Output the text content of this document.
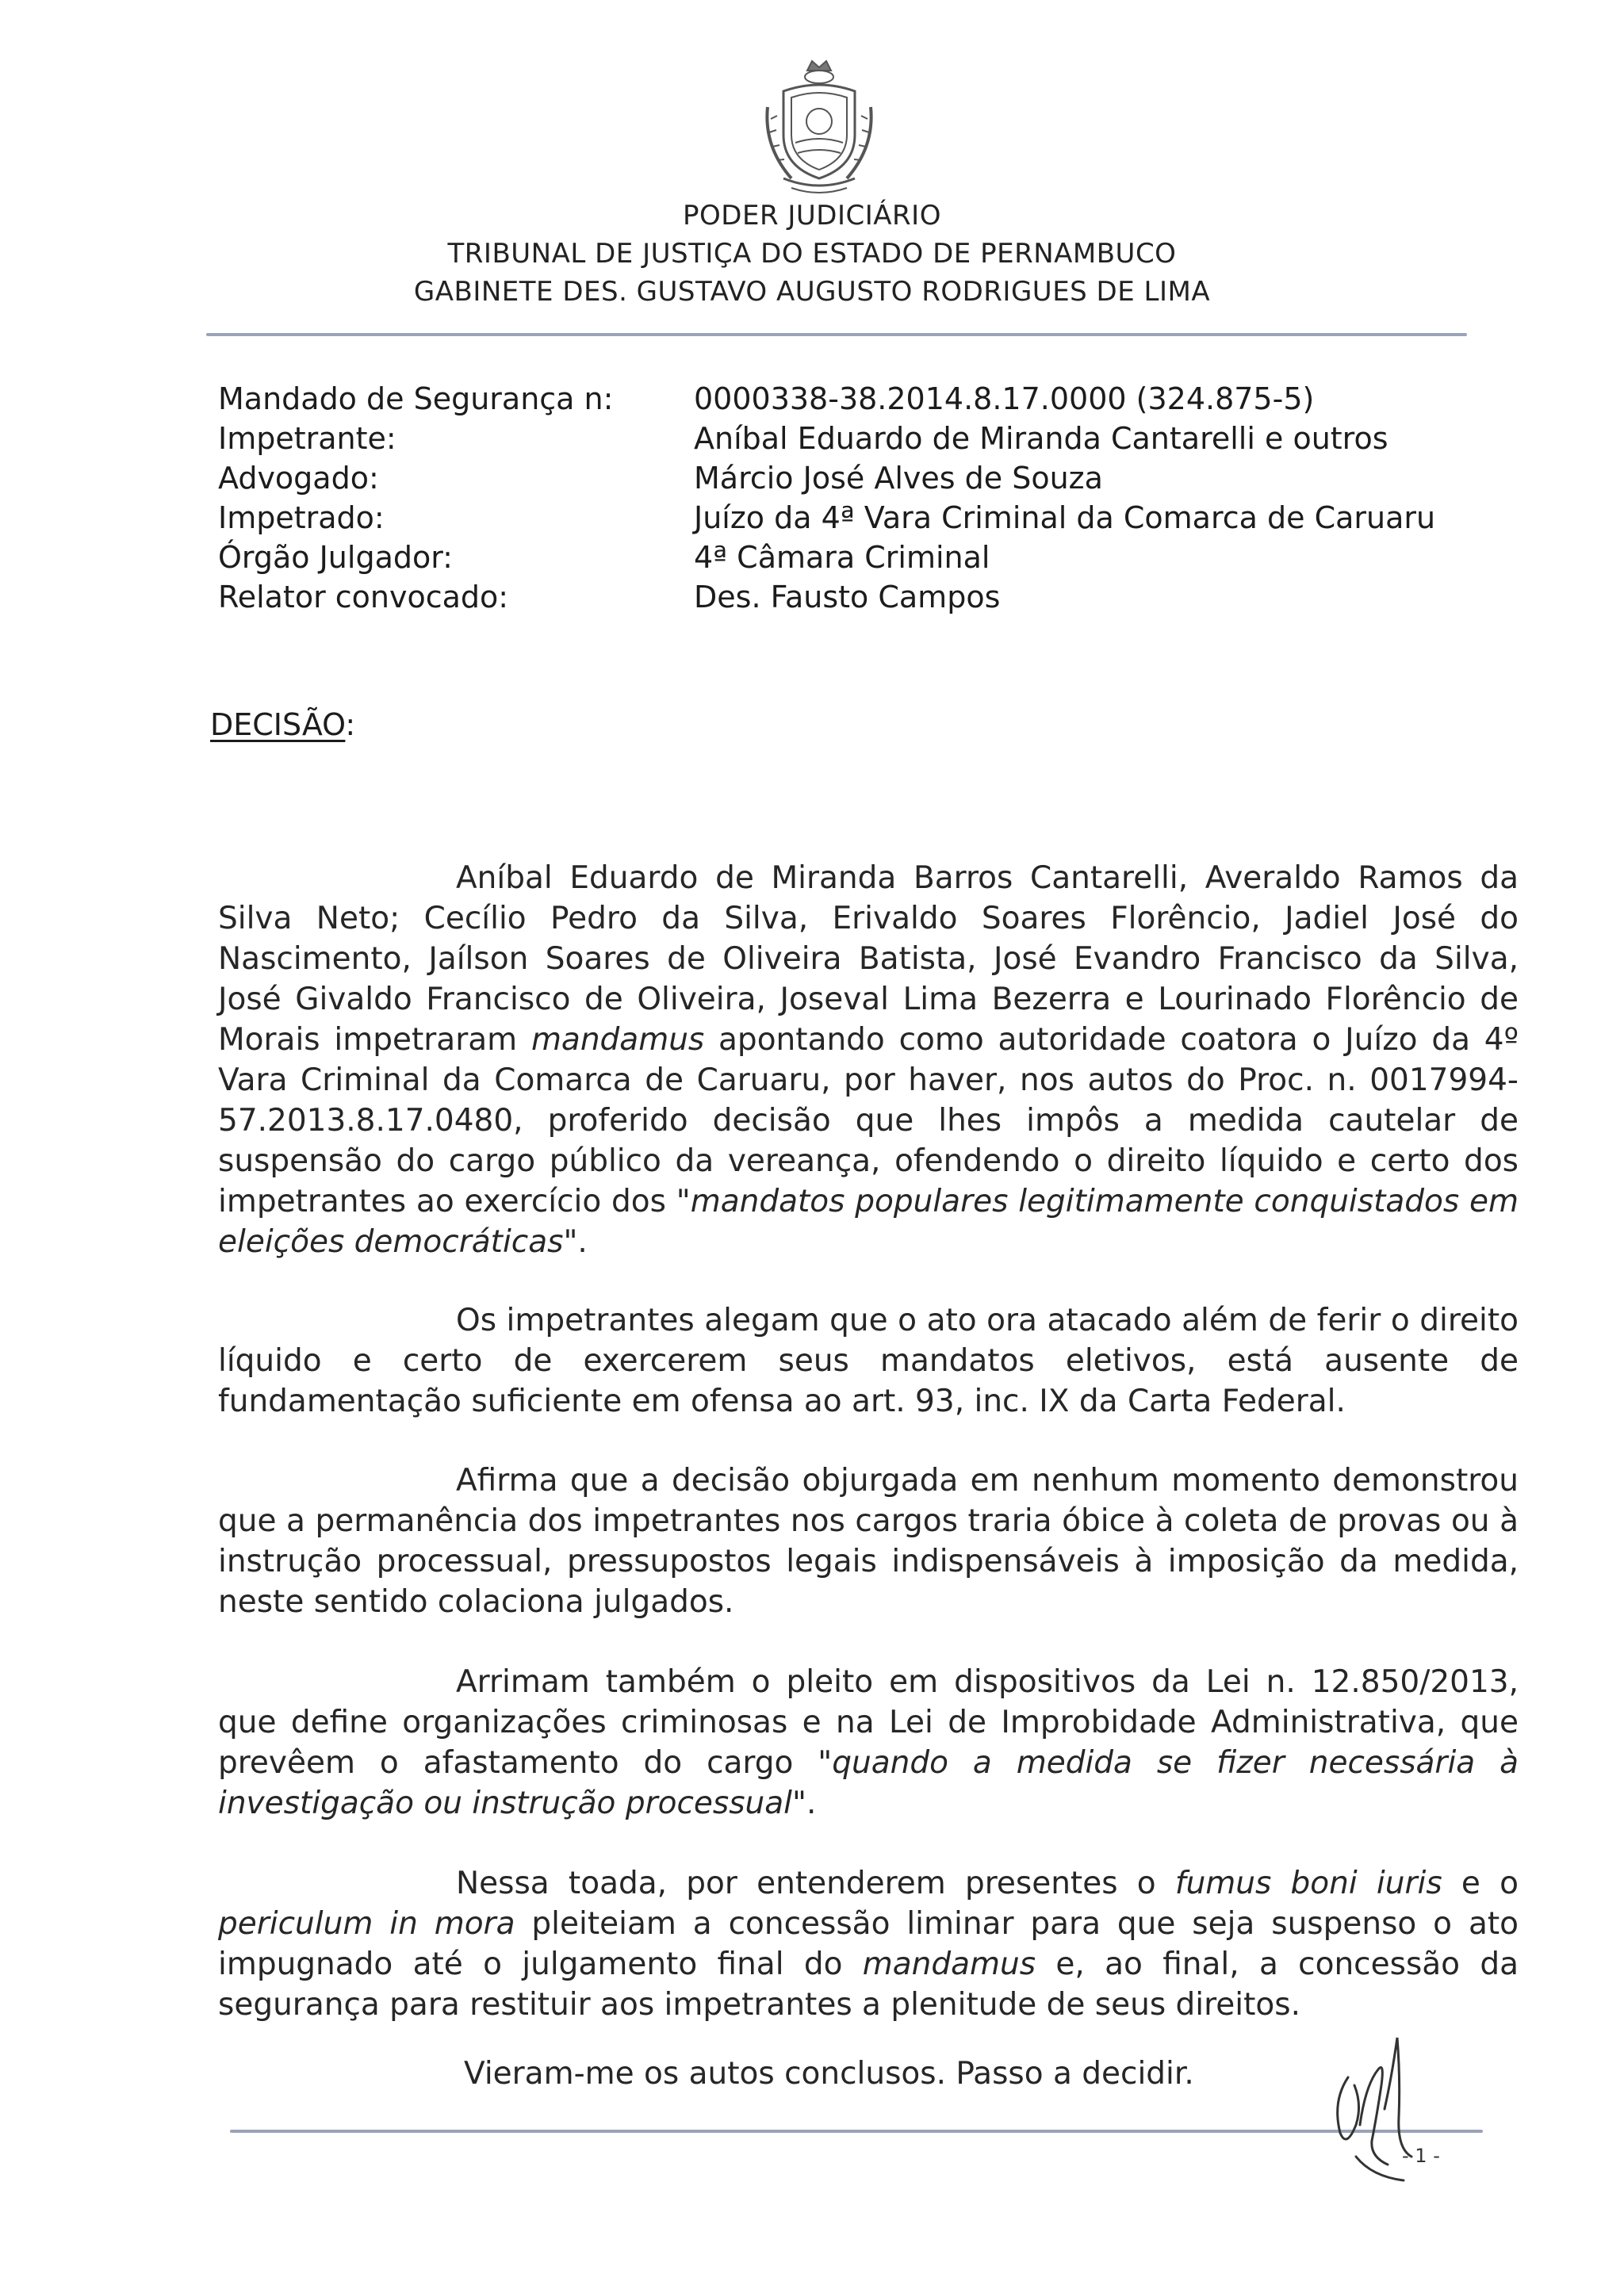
PODER JUDICIÁRIO
TRIBUNAL DE JUSTIÇA DO ESTADO DE PERNAMBUCO
GABINETE DES. GUSTAVO AUGUSTO RODRIGUES DE LIMA
Mandado de Segurança n:	0000338-38.2014.8.17.0000 (324.875-5)
Impetrante:	Aníbal Eduardo de Miranda Cantarelli e outros
Advogado:	Márcio José Alves de Souza
Impetrado:	Juízo da 4ª Vara Criminal da Comarca de Caruaru
Órgão Julgador:	4ª Câmara Criminal
Relator convocado:	Des. Fausto Campos
DECISÃO:

Aníbal Eduardo de Miranda Barros Cantarelli, Averaldo Ramos da Silva Neto; Cecílio Pedro da Silva, Erivaldo Soares Florêncio, Jadiel José do Nascimento, Jaílson Soares de Oliveira Batista, José Evandro Francisco da Silva, José Givaldo Francisco de Oliveira, Joseval Lima Bezerra e Lourinado Florêncio de Morais impetraram mandamus apontando como autoridade coatora o Juízo da 4º Vara Criminal da Comarca de Caruaru, por haver, nos autos do Proc. n. 0017994-57.2013.8.17.0480, proferido decisão que lhes impôs a medida cautelar de suspensão do cargo público da vereança, ofendendo o direito líquido e certo dos impetrantes ao exercício dos "mandatos populares legitimamente conquistados em eleições democráticas".

Os impetrantes alegam que o ato ora atacado além de ferir o direito líquido e certo de exercerem seus mandatos eletivos, está ausente de fundamentação suficiente em ofensa ao art. 93, inc. IX da Carta Federal.

Afirma que a decisão objurgada em nenhum momento demonstrou que a permanência dos impetrantes nos cargos traria óbice à coleta de provas ou à instrução processual, pressupostos legais indispensáveis à imposição da medida, neste sentido colaciona julgados.

Arrimam também o pleito em dispositivos da Lei n. 12.850/2013, que define organizações criminosas e na Lei de Improbidade Administrativa, que prevêem o afastamento do cargo "quando a medida se fizer necessária à investigação ou instrução processual".

Nessa toada, por entenderem presentes o fumus boni iuris e o periculum in mora pleiteiam a concessão liminar para que seja suspenso o ato impugnado até o julgamento final do mandamus e, ao final, a concessão da segurança para restituir aos impetrantes a plenitude de seus direitos.

Vieram-me os autos conclusos. Passo a decidir.

- 1 -
